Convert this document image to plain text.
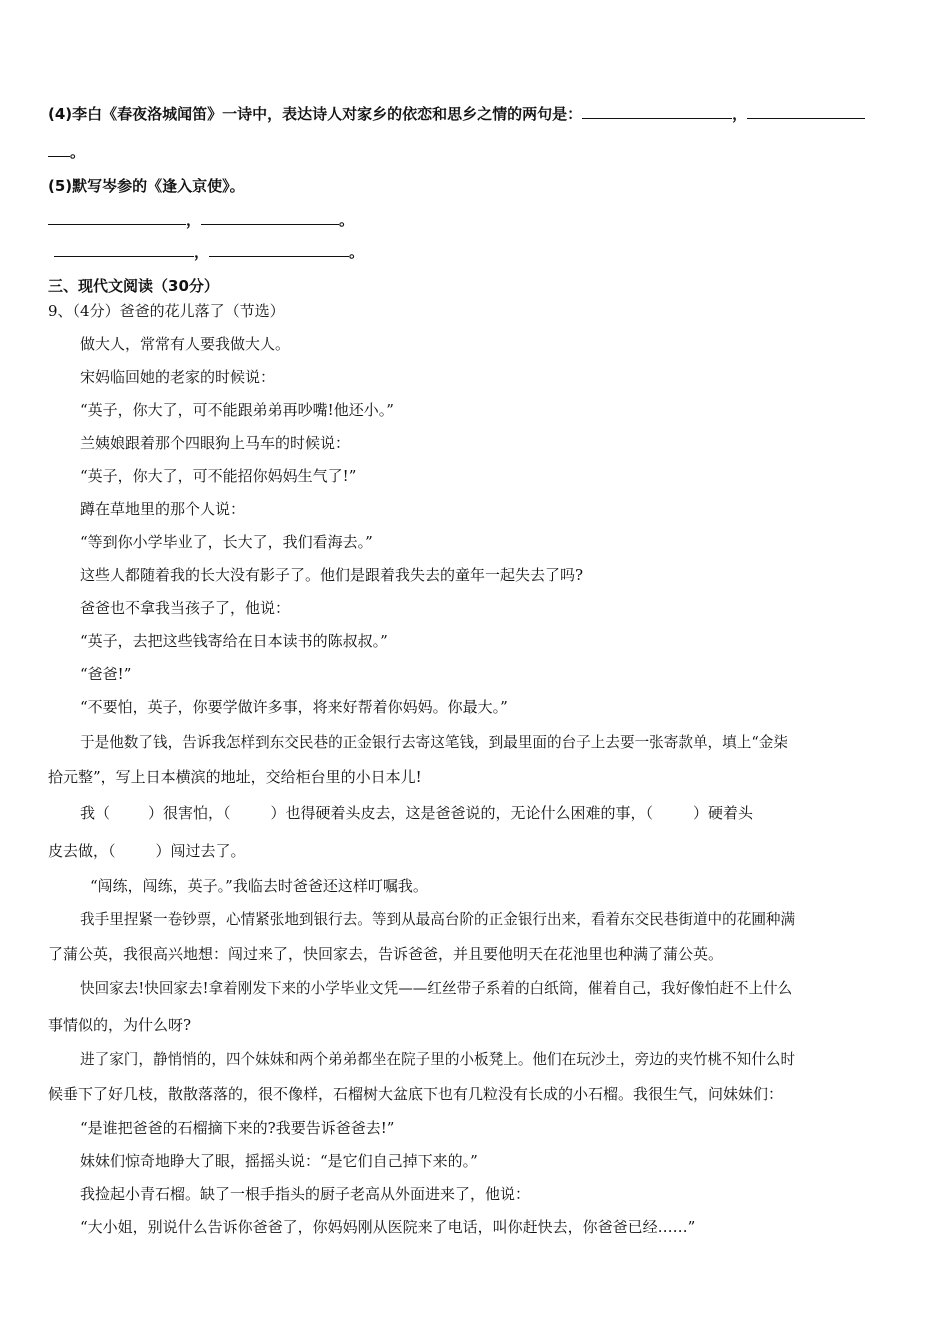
(4)李白《春夜洛城闻笛》一诗中，表达诗人对家乡的依恋和思乡之情的两句是：	，
。
(5)默写岑参的《逢入京使》。
，	。
，	。
三、现代文阅读（30分）
9、（4分）爸爸的花儿落了（节选）
做大人，常常有人要我做大人。
宋妈临回她的老家的时候说：
“英子，你大了，可不能跟弟弟再吵嘴!他还小。”
兰姨娘跟着那个四眼狗上马车的时候说：
“英子，你大了，可不能招你妈妈生气了!”
蹲在草地里的那个人说：
“等到你小学毕业了，长大了，我们看海去。”
这些人都随着我的长大没有影子了。他们是跟着我失去的童年一起失去了吗?
爸爸也不拿我当孩子了，他说：
“英子，去把这些钱寄给在日本读书的陈叔叔。”
“爸爸!”
“不要怕，英子，你要学做许多事，将来好帮着你妈妈。你最大。”
于是他数了钱，告诉我怎样到东交民巷的正金银行去寄这笔钱，到最里面的台子上去要一张寄款单，填上“金柒
拾元整”，写上日本横滨的地址，交给柜台里的小日本儿!
我（	）很害怕，（	）也得硬着头皮去，这是爸爸说的，无论什么困难的事，（	）硬着头
皮去做，（	）闯过去了。
“闯练，闯练，英子。”我临去时爸爸还这样叮嘱我。
我手里捏紧一卷钞票，心情紧张地到银行去。等到从最高台阶的正金银行出来，看着东交民巷街道中的花圃种满
了蒲公英，我很高兴地想：闯过来了，快回家去，告诉爸爸，并且要他明天在花池里也种满了蒲公英。
快回家去!快回家去!拿着刚发下来的小学毕业文凭——红丝带子系着的白纸筒，催着自己，我好像怕赶不上什么
事情似的，为什么呀?
进了家门，静悄悄的，四个妹妹和两个弟弟都坐在院子里的小板凳上。他们在玩沙土，旁边的夹竹桃不知什么时
候垂下了好几枝，散散落落的，很不像样，石榴树大盆底下也有几粒没有长成的小石榴。我很生气，问妹妹们：
“是谁把爸爸的石榴摘下来的?我要告诉爸爸去!”
妹妹们惊奇地睁大了眼，摇摇头说：“是它们自己掉下来的。”
我捡起小青石榴。缺了一根手指头的厨子老高从外面进来了，他说：
“大小姐，别说什么告诉你爸爸了，你妈妈刚从医院来了电话，叫你赶快去，你爸爸已经……”
